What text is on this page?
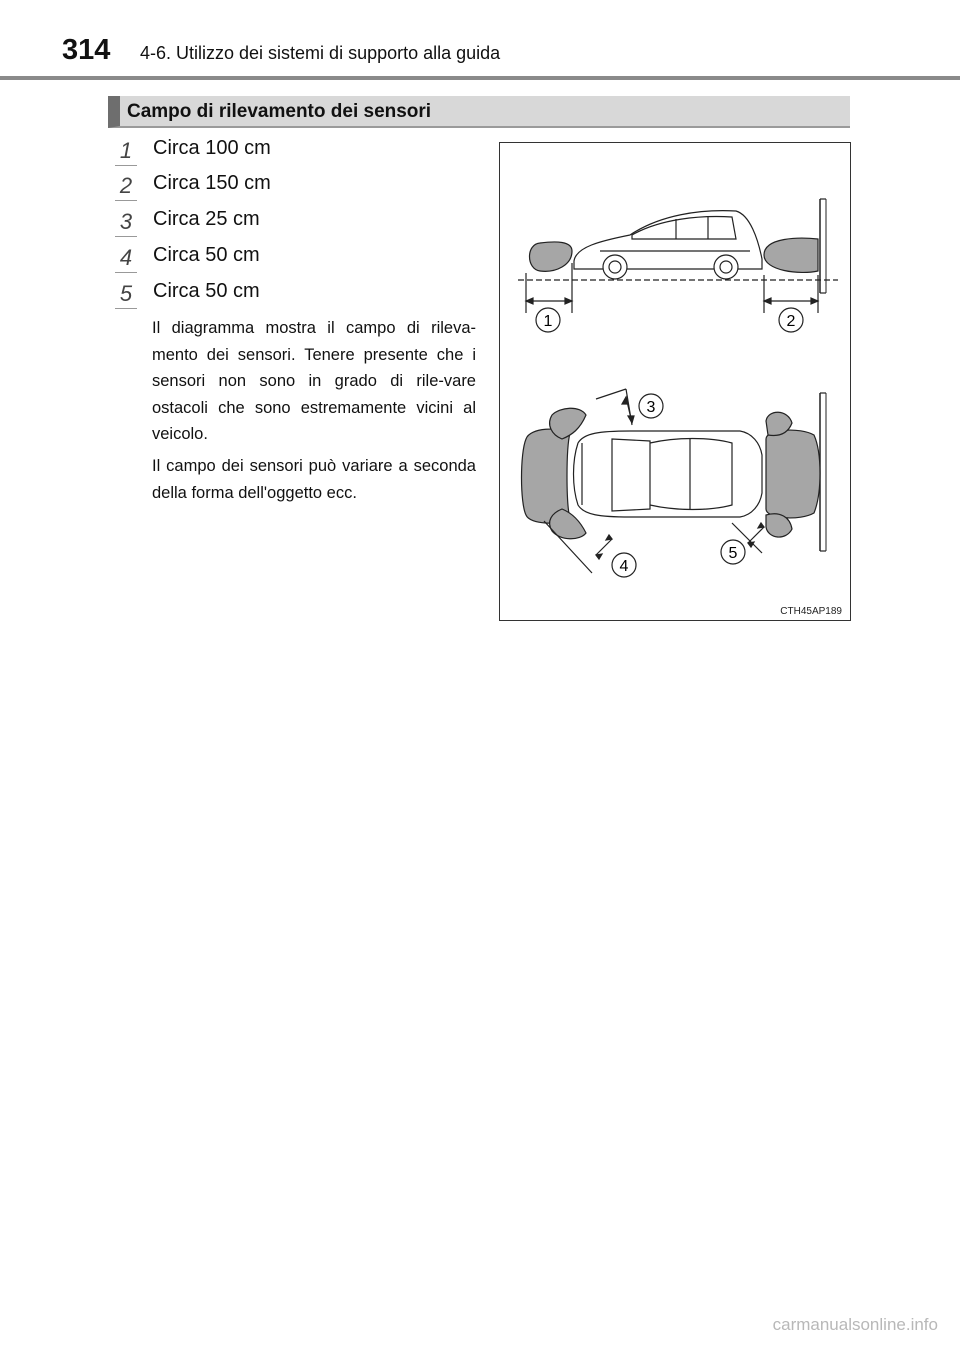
314 4-6. Utilizzo dei sistemi di supporto alla guida
Campo di rilevamento dei sensori
1	Circa 100 cm
2	Circa 150 cm
3	Circa 25 cm
4	Circa 50 cm
5	Circa 50 cm
Il diagramma mostra il campo di rileva-mento dei sensori. Tenere presente che i sensori non sono in grado di rile-vare ostacoli che sono estremamente vicini al veicolo.
Il campo dei sensori può variare a seconda della forma dell'oggetto ecc.
1	2
3
4
5
CTH45AP189
carmanualsonline.info
